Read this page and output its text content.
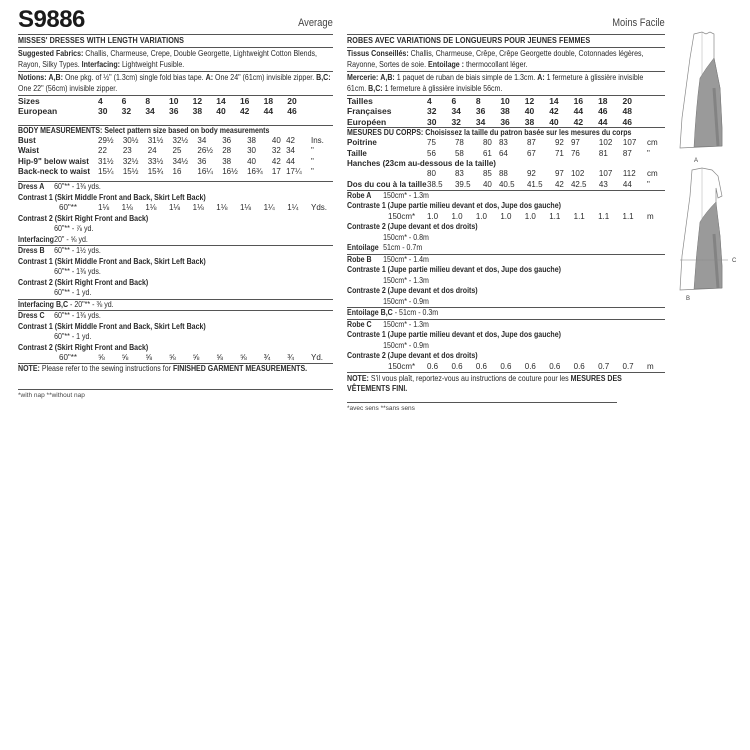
S9886	Average
MISSES' DRESSES WITH LENGTH VARIATIONS
Suggested Fabrics: Challis, Charmeuse, Crepe, Double Georgette, Lightweight Cotton Blends, Rayon, Silky Types. Interfacing: Lightweight Fusible.
Notions: A,B: One pkg. of ½" (1.3cm) single fold bias tape. A: One 24" (61cm) invisible zipper. B,C: One 22" (56cm) invisible zipper.
Sizes	4	6	8	10	12	14	16	18	20	
European	30	32	34	36	38	40	42	44	46	
BODY MEASUREMENTS: Select pattern size based on body measurements
Bust	29½	30½	31½	32½	34	36	38	40	42	Ins.
Waist	22	23	24	25	26½	28	30	32	34	"
Hip-9" below waist	31½	32½	33½	34½	36	38	40	42	44	"
Back-neck to waist	15¼	15½	15¾	16	16¼	16½	16¾	17	17¼	"
Dress A 60"** - 1⅜ yds.
Contrast 1 (Skirt Middle Front and Back, Skirt Left Back)
60"**	1⅛	1⅛	1⅛	1⅛	1⅛	1⅛	1⅛	1¼	1¼	Yds.
Contrast 2 (Skirt Right Front and Back)
60"** - ⅞ yd.
Interfacing20" - ⅝ yd.
Dress B 60"** - 1½ yds.
Contrast 1 (Skirt Middle Front and Back, Skirt Left Back)
60"** - 1⅜ yds.
Contrast 2 (Skirt Right Front and Back)
60"** - 1 yd.
Interfacing B,C - 20"** - ⅜ yd.
Dress C 60"** - 1⅜ yds.
Contrast 1 (Skirt Middle Front and Back, Skirt Left Back)
60"** - 1 yd.
Contrast 2 (Skirt Right Front and Back)
60"**	⅝	⅝	⅝	⅝	⅝	⅝	⅝	¾	¾	Yd.
NOTE: Please refer to the sewing instructions for FINISHED GARMENT MEASUREMENTS.
*with nap **without nap
Moins Facile
ROBES AVEC VARIATIONS DE LONGUEURS POUR JEUNES FEMMES
Tissus Conseillés: Challis, Charmeuse, Crêpe, Crêpe Georgette double, Cotonnades légères, Rayonne, Sortes de soie. Entoilage : thermocollant léger.
Mercerie: A,B: 1 paquet de ruban de biais simple de 1.3cm. A: 1 fermeture à glissière invisible 61cm. B,C: 1 fermeture à glissière invisible 56cm.
Tailles	4	6	8	10	12	14	16	18	20	
Françaises	32	34	36	38	40	42	44	46	48	
Européen	30	32	34	36	38	40	42	44	46	
MESURES DU CORPS: Choisissez la taille du patron basée sur les mesures du corps
Poitrine	75	78	80	83	87	92	97	102	107	cm
Taille	56	58	61	64	67	71	76	81	87	"
Hanches (23cm au-dessous de la taille)										
	80	83	85	88	92	97	102	107	112	cm
Dos du cou à la taille	38.5	39.5	40	40.5	41.5	42	42.5	43	44	"
Robe A 150cm* - 1.3m
Contraste 1 (Jupe partie milieu devant et dos, Jupe dos gauche)
150cm*	1.0	1.0	1.0	1.0	1.0	1.1	1.1	1.1	1.1	m
Contraste 2 (Jupe devant et dos droits)
150cm* - 0.8m
Entoilage 51cm - 0.7m
Robe B 150cm* - 1.4m
Contraste 1 (Jupe partie milieu devant et dos, Jupe dos gauche)
150cm* - 1.3m
Contraste 2 (Jupe devant et dos droits)
150cm* - 0.9m
Entoilage B,C - 51cm - 0.3m
Robe C 150cm* - 1.3m
Contraste 1 (Jupe partie milieu devant et dos, Jupe dos gauche)
150cm* - 0.9m
Contraste 2 (Jupe devant et dos droits)
150cm*	0.6	0.6	0.6	0.6	0.6	0.6	0.6	0.7	0.7	m
NOTE: S'il vous plaît, reportez-vous au instructions de couture pour les MESURES DES VÊTEMENTS FINI.
*avec sens **sans sens
A
C
B
